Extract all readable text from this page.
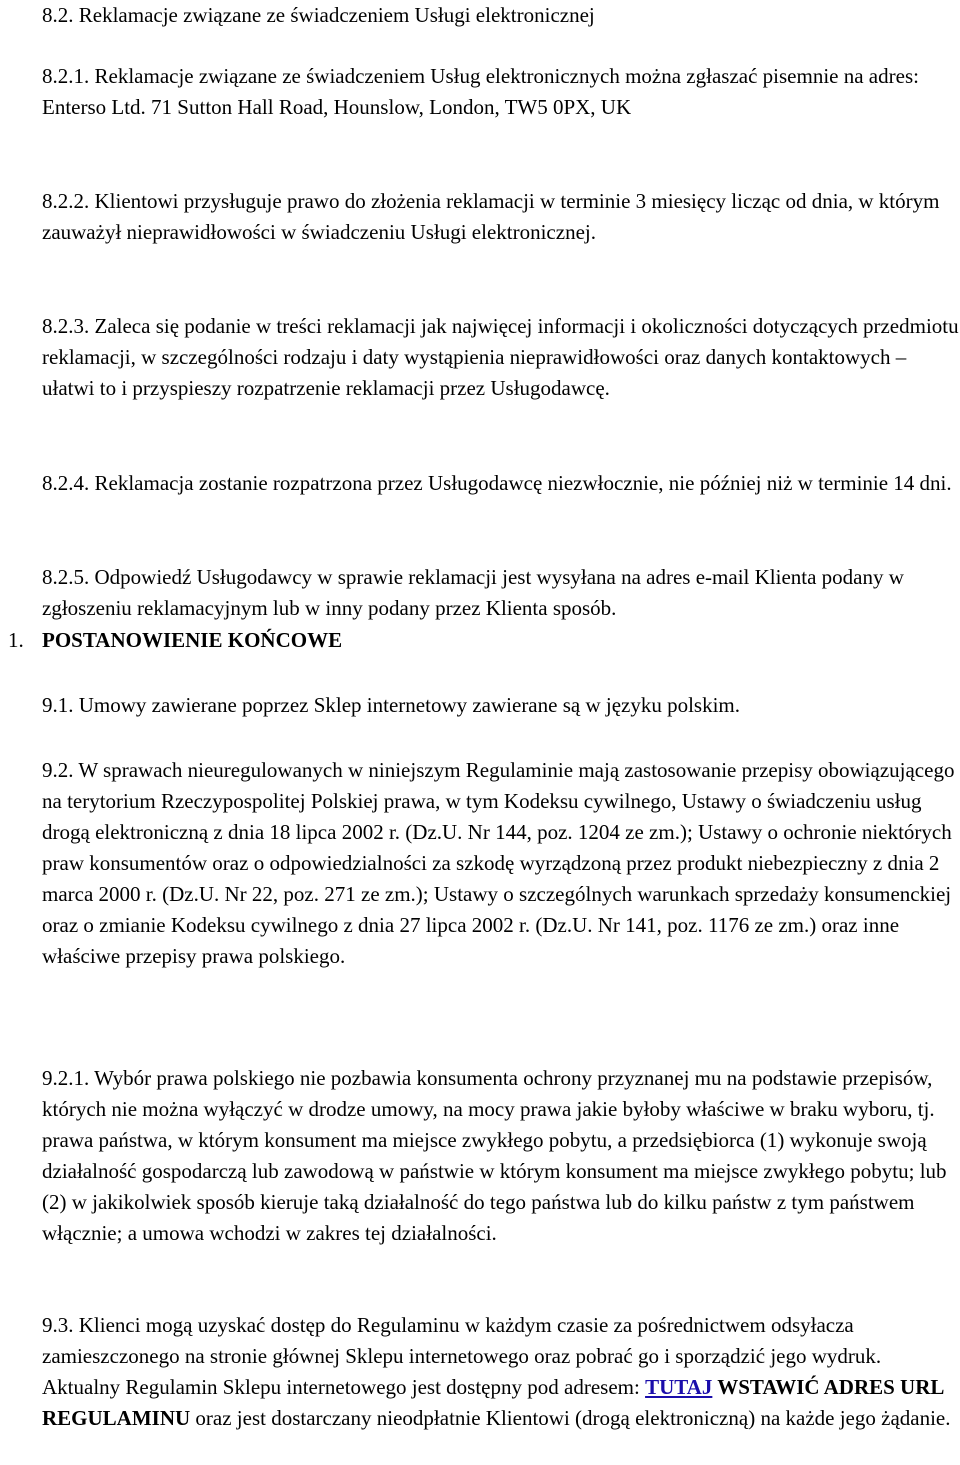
8.2. Reklamacje związane ze świadczeniem Usługi elektronicznej

8.2.1. Reklamacje związane ze świadczeniem Usług elektronicznych można zgłaszać pisemnie na adres: Enterso Ltd. 71 Sutton Hall Road, Hounslow, London, TW5 0PX, UK

8.2.2. Klientowi przysługuje prawo do złożenia reklamacji w terminie 3 miesięcy licząc od dnia, w którym zauważył nieprawidłowości w świadczeniu Usługi elektronicznej.

8.2.3. Zaleca się podanie w treści reklamacji jak najwięcej informacji i okoliczności dotyczących przedmiotu reklamacji, w szczególności rodzaju i daty wystąpienia nieprawidłowości oraz danych kontaktowych – ułatwi to i przyspieszy rozpatrzenie reklamacji przez Usługodawcę.

8.2.4. Reklamacja zostanie rozpatrzona przez Usługodawcę niezwłocznie, nie później niż w terminie 14 dni.

8.2.5. Odpowiedź Usługodawcy w sprawie reklamacji jest wysyłana na adres e-mail Klienta podany w zgłoszeniu reklamacyjnym lub w inny podany przez Klienta sposób.

1. POSTANOWIENIE KOŃCOWE

9.1. Umowy zawierane poprzez Sklep internetowy zawierane są w języku polskim.

9.2. W sprawach nieuregulowanych w niniejszym Regulaminie mają zastosowanie przepisy obowiązującego na terytorium Rzeczypospolitej Polskiej prawa, w tym Kodeksu cywilnego, Ustawy o świadczeniu usług drogą elektroniczną z dnia 18 lipca 2002 r. (Dz.U. Nr 144, poz. 1204 ze zm.); Ustawy o ochronie niektórych praw konsumentów oraz o odpowiedzialności za szkodę wyrządzoną przez produkt niebezpieczny z dnia 2 marca 2000 r. (Dz.U. Nr 22, poz. 271 ze zm.); Ustawy o szczególnych warunkach sprzedaży konsumenckiej oraz o zmianie Kodeksu cywilnego z dnia 27 lipca 2002 r. (Dz.U. Nr 141, poz. 1176 ze zm.) oraz inne właściwe przepisy prawa polskiego.

9.2.1. Wybór prawa polskiego nie pozbawia konsumenta ochrony przyznanej mu na podstawie przepisów, których nie można wyłączyć w drodze umowy, na mocy prawa jakie byłoby właściwe w braku wyboru, tj. prawa państwa, w którym konsument ma miejsce zwykłego pobytu, a przedsiębiorca (1) wykonuje swoją działalność gospodarczą lub zawodową w państwie w którym konsument ma miejsce zwykłego pobytu; lub (2) w jakikolwiek sposób kieruje taką działalność do tego państwa lub do kilku państw z tym państwem włącznie; a umowa wchodzi w zakres tej działalności.

9.3. Klienci mogą uzyskać dostęp do Regulaminu w każdym czasie za pośrednictwem odsyłacza zamieszczonego na stronie głównej Sklepu internetowego oraz pobrać go i sporządzić jego wydruk. Aktualny Regulamin Sklepu internetowego jest dostępny pod adresem: TUTAJ WSTAWIĆ ADRES URL REGULAMINU oraz jest dostarczany nieodpłatnie Klientowi (drogą elektroniczną) na każde jego żądanie.
